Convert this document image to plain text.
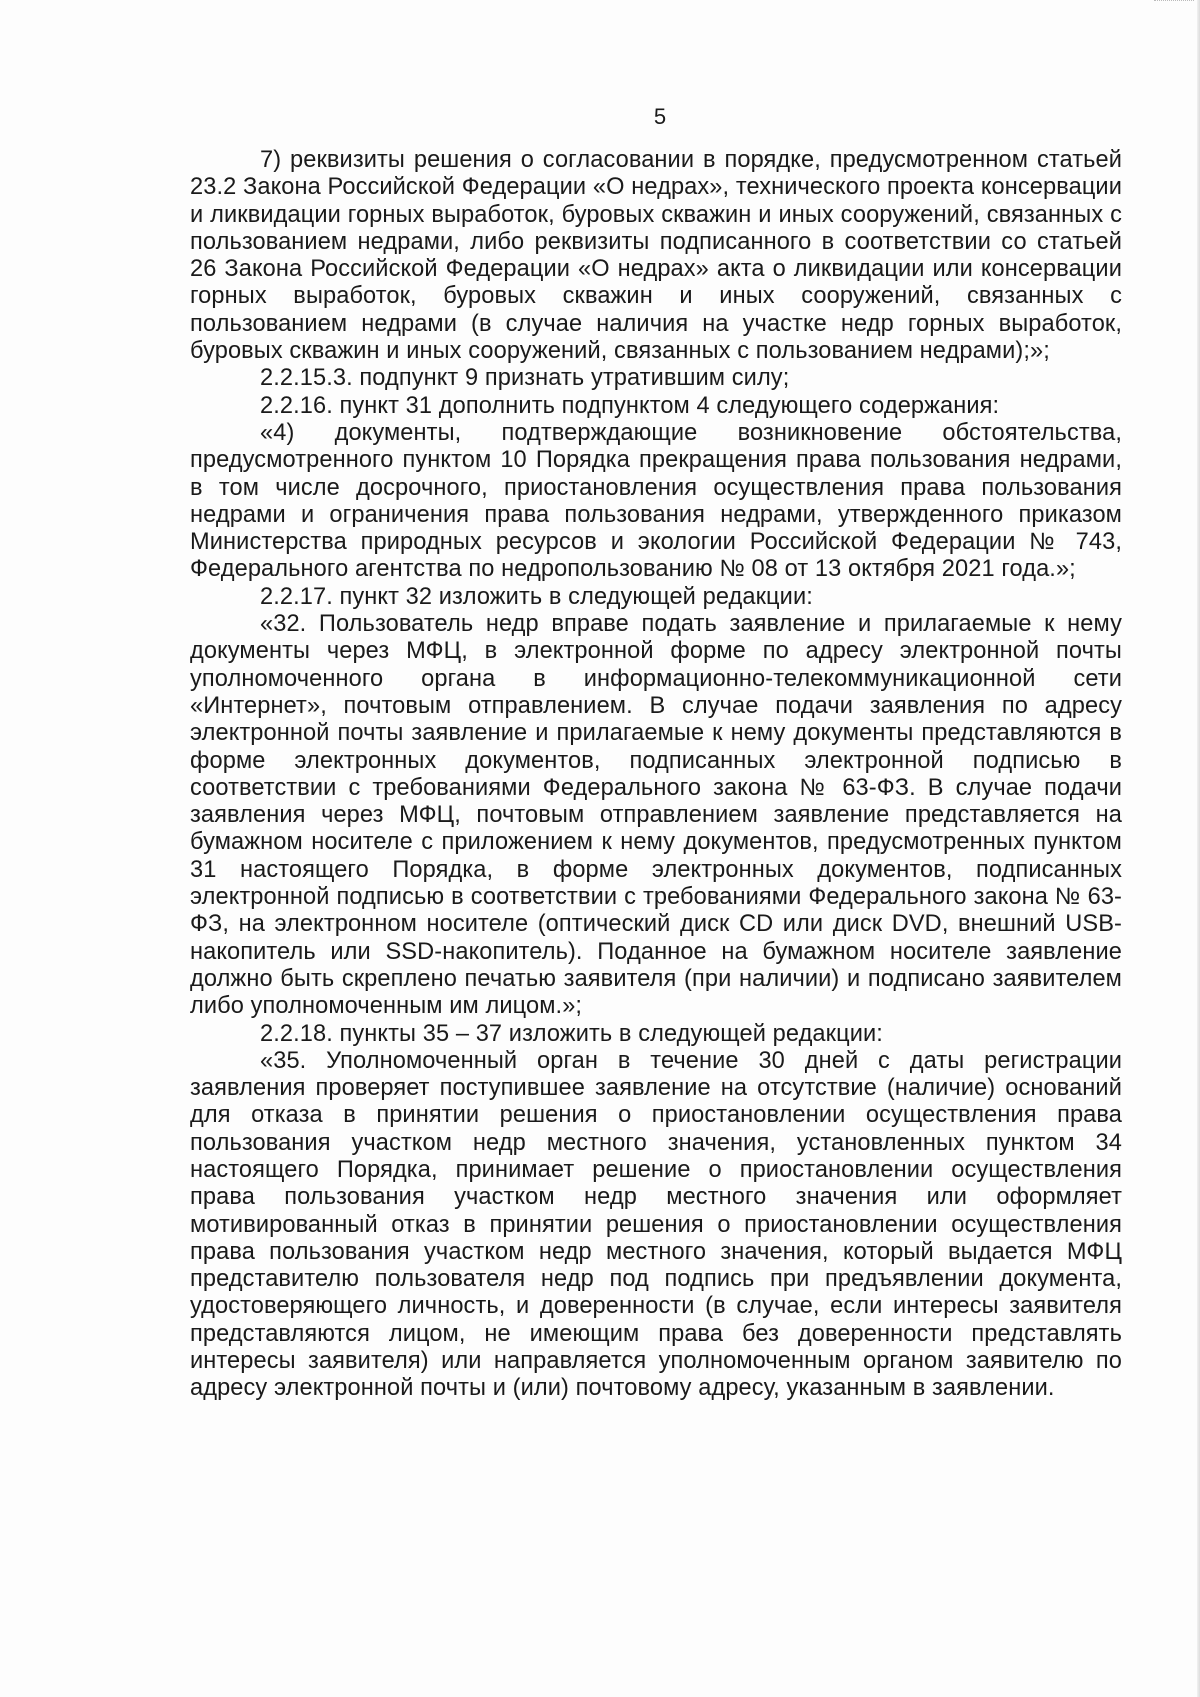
5

7) реквизиты решения о согласовании в порядке, предусмотренном статьей 23.2 Закона Российской Федерации «О недрах», технического проекта консервации и ликвидации горных выработок, буровых скважин и иных сооружений, связанных с пользованием недрами, либо реквизиты подписанного в соответствии со статьей 26 Закона Российской Федерации «О недрах» акта о ликвидации или консервации горных выработок, буровых скважин и иных сооружений, связанных с пользованием недрами (в случае наличия на участке недр горных выработок, буровых скважин и иных сооружений, связанных с пользованием недрами);»;

2.2.15.3. подпункт 9 признать утратившим силу;

2.2.16. пункт 31 дополнить подпунктом 4 следующего содержания:

«4) документы, подтверждающие возникновение обстоятельства, предусмотренного пунктом 10 Порядка прекращения права пользования недрами, в том числе досрочного, приостановления осуществления права пользования недрами и ограничения права пользования недрами, утвержденного приказом Министерства природных ресурсов и экологии Российской Федерации № 743, Федерального агентства по недропользованию № 08 от 13 октября 2021 года.»;

2.2.17. пункт 32 изложить в следующей редакции:

«32. Пользователь недр вправе подать заявление и прилагаемые к нему документы через МФЦ, в электронной форме по адресу электронной почты уполномоченного органа в информационно-телекоммуникационной сети «Интернет», почтовым отправлением. В случае подачи заявления по адресу электронной почты заявление и прилагаемые к нему документы представляются в форме электронных документов, подписанных электронной подписью в соответствии с требованиями Федерального закона № 63-ФЗ. В случае подачи заявления через МФЦ, почтовым отправлением заявление представляется на бумажном носителе с приложением к нему документов, предусмотренных пунктом 31 настоящего Порядка, в форме электронных документов, подписанных электронной подписью в соответствии с требованиями Федерального закона № 63-ФЗ, на электронном носителе (оптический диск CD или диск DVD, внешний USB-накопитель или SSD-накопитель). Поданное на бумажном носителе заявление должно быть скреплено печатью заявителя (при наличии) и подписано заявителем либо уполномоченным им лицом.»;

2.2.18. пункты 35 – 37 изложить в следующей редакции:

«35. Уполномоченный орган в течение 30 дней с даты регистрации заявления проверяет поступившее заявление на отсутствие (наличие) оснований для отказа в принятии решения о приостановлении осуществления права пользования участком недр местного значения, установленных пунктом 34 настоящего Порядка, принимает решение о приостановлении осуществления права пользования участком недр местного значения или оформляет мотивированный отказ в принятии решения о приостановлении осуществления права пользования участком недр местного значения, который выдается МФЦ представителю пользователя недр под подпись при предъявлении документа, удостоверяющего личность, и доверенности (в случае, если интересы заявителя представляются лицом, не имеющим права без доверенности представлять интересы заявителя) или направляется уполномоченным органом заявителю по адресу электронной почты и (или) почтовому адресу, указанным в заявлении.
